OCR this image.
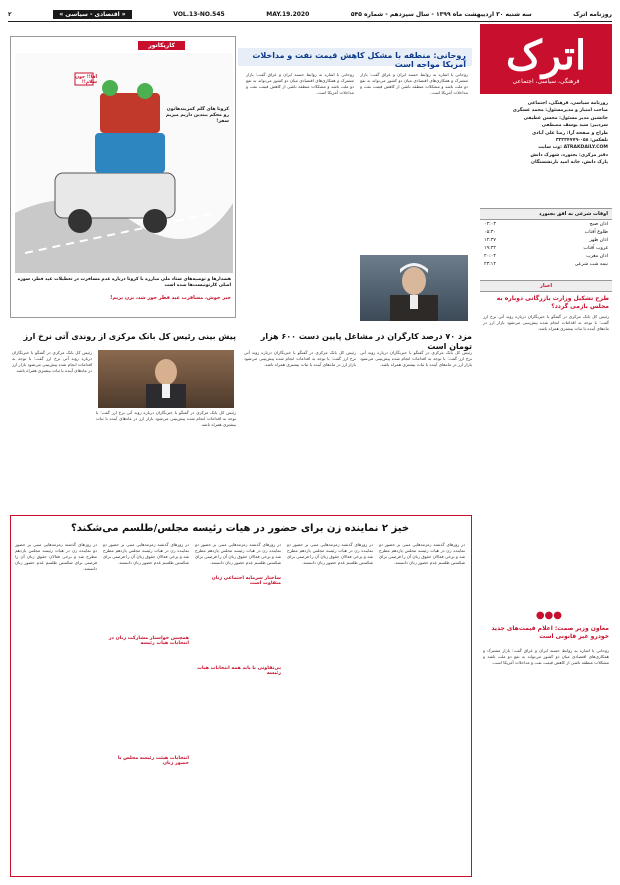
روزنامه اترک
سه شنبه ۳۰ اردیبهشت ماه ۱۳۹۹ - سال سیزدهم - شماره ۵۴۵
MAY.19.2020
VOL.13-NO.545
« اقتصادی - سیاسی »
۲
اترک
فرهنگی، سیاسی، اجتماعی
روزنامه سیاسی، فرهنگی، اجتماعی
صاحب امتیاز و مدیرمسئول: محمد عسگری
جانشین مدیر مسئول: محسن عطیقی
سردبیر: سید یوسف مصطفی
طراح و صفحه آرا: رضا علی آبادی
تلفکس: ۰۵۸-۳۲۲۳۴۷۷۹
ATRAKDAILY.COM :وب سایت
دفتر مرکزی: بجنورد، شهرک دانش
پارک دانش، خانه امید بازنشستگان
اوقات شرعی به افق بجنورد
اذان صبح
۰۴:۰۳
طلوع آفتاب
۰۵:۳۰
اذان ظهر
۱۲:۳۷
غروب آفتاب
۱۹:۳۲
اذان مغرب
۲۰:۰۴
نیمه شب شرعی
۲۳:۱۴
اخبار
طرح تشکیل وزارت بازرگانی دوباره به مجلس بازمی گردد؟
رئیس کل بانک مرکزی در گفتگو با خبرنگاران درباره روند آتی نرخ ارز گفت: با توجه به اقدامات انجام شده پیش‌بینی می‌شود بازار ارز در ماه‌های آینده با ثبات بیشتری همراه باشد.
●●●
معاون وزیر صمت: اعلام قیمت‌های جدید خودرو غیر قانونی است
روحانی با اشاره به روابط حسنه ایران و عراق گفت: بازار مشترک و همکاری‌های اقتصادی میان دو کشور می‌تواند به نفع دو ملت باشد و مشکلات منطقه ناشی از کاهش قیمت نفت و مداخلات آمریکا است.
روحانی: منطقه با مشکل کاهش قیمت نفت و مداخلات آمریکا مواجه است
روحانی با اشاره به روابط حسنه ایران و عراق گفت: بازار مشترک و همکاری‌های اقتصادی میان دو کشور می‌تواند به نفع دو ملت باشد و مشکلات منطقه ناشی از کاهش قیمت نفت و مداخلات آمریکا است.
روحانی با اشاره به روابط حسنه ایران و عراق گفت: بازار مشترک و همکاری‌های اقتصادی میان دو کشور می‌تواند به نفع دو ملت باشد و مشکلات منطقه ناشی از کاهش قیمت نفت و مداخلات آمریکا است.
کاریکاتور
آقا!! جون سلام!!
کرونا های گلم کمربندهاتون رو محکم ببندین داریم میریم سفر!
هشدارها و توصیه‌های ستاد ملی مبارزه با کرونا درباره عدم مسافرت در تعطیلات عید فطر، سوژه اصلی کارتونیست‌ها شده است
خبر خوش، مسافرت عید فطر جور شد، بزن بریم!
پیش بینی رئیس کل بانک مرکزی از روندی آتی نرخ ارز	مزد ۷۰ درصد کارگران در مشاغل پایین دست ۶۰۰ هزار تومان است
رئیس کل بانک مرکزی در گفتگو با خبرنگاران درباره روند آتی نرخ ارز گفت: با توجه به اقدامات انجام شده پیش‌بینی می‌شود بازار ارز در ماه‌های آینده با ثبات بیشتری همراه باشد.
رئیس کل بانک مرکزی در گفتگو با خبرنگاران درباره روند آتی نرخ ارز گفت: با توجه به اقدامات انجام شده پیش‌بینی می‌شود بازار ارز در ماه‌های آینده با ثبات بیشتری همراه باشد.
رئیس کل بانک مرکزی در گفتگو با خبرنگاران درباره روند آتی نرخ ارز گفت: با توجه به اقدامات انجام شده پیش‌بینی می‌شود بازار ارز در ماه‌های آینده با ثبات بیشتری همراه باشد.
رئیس کل بانک مرکزی در گفتگو با خبرنگاران درباره روند آتی نرخ ارز گفت: با توجه به اقدامات انجام شده پیش‌بینی می‌شود بازار ارز در ماه‌های آینده با ثبات بیشتری همراه باشد.
خیز ۲ نماینده زن برای حضور در هیات رئیسه مجلس/طلسم می‌شکند؟
در روزهای گذشته زمزمه‌هایی مبنی بر حضور دو نماینده زن در هیات رئیسه مجلس یازدهم مطرح شد و برخی فعالان حقوق زنان آن را فرصتی برای شکستن طلسم عدم حضور زنان دانستند.
در روزهای گذشته زمزمه‌هایی مبنی بر حضور دو نماینده زن در هیات رئیسه مجلس یازدهم مطرح شد و برخی فعالان حقوق زنان آن را فرصتی برای شکستن طلسم عدم حضور زنان دانستند.
در روزهای گذشته زمزمه‌هایی مبنی بر حضور دو نماینده زن در هیات رئیسه مجلس یازدهم مطرح شد و برخی فعالان حقوق زنان آن را فرصتی برای شکستن طلسم عدم حضور زنان دانستند.
در روزهای گذشته زمزمه‌هایی مبنی بر حضور دو نماینده زن در هیات رئیسه مجلس یازدهم مطرح شد و برخی فعالان حقوق زنان آن را فرصتی برای شکستن طلسم عدم حضور زنان دانستند.
در روزهای گذشته زمزمه‌هایی مبنی بر حضور دو نماینده زن در هیات رئیسه مجلس یازدهم مطرح شد و برخی فعالان حقوق زنان آن را فرصتی برای شکستن طلسم عدم حضور زنان دانستند.
ساختار سرمایه اجتماعی زنان متفاوت است
بی‌تفاوتی یا باید همه انتخابات هیات رئیسه
همچنین خواستار مشارکت زنان در انتخابات هیات رئیسه
انتخابات هیئت رئیسه مجلس با حضور زنان
